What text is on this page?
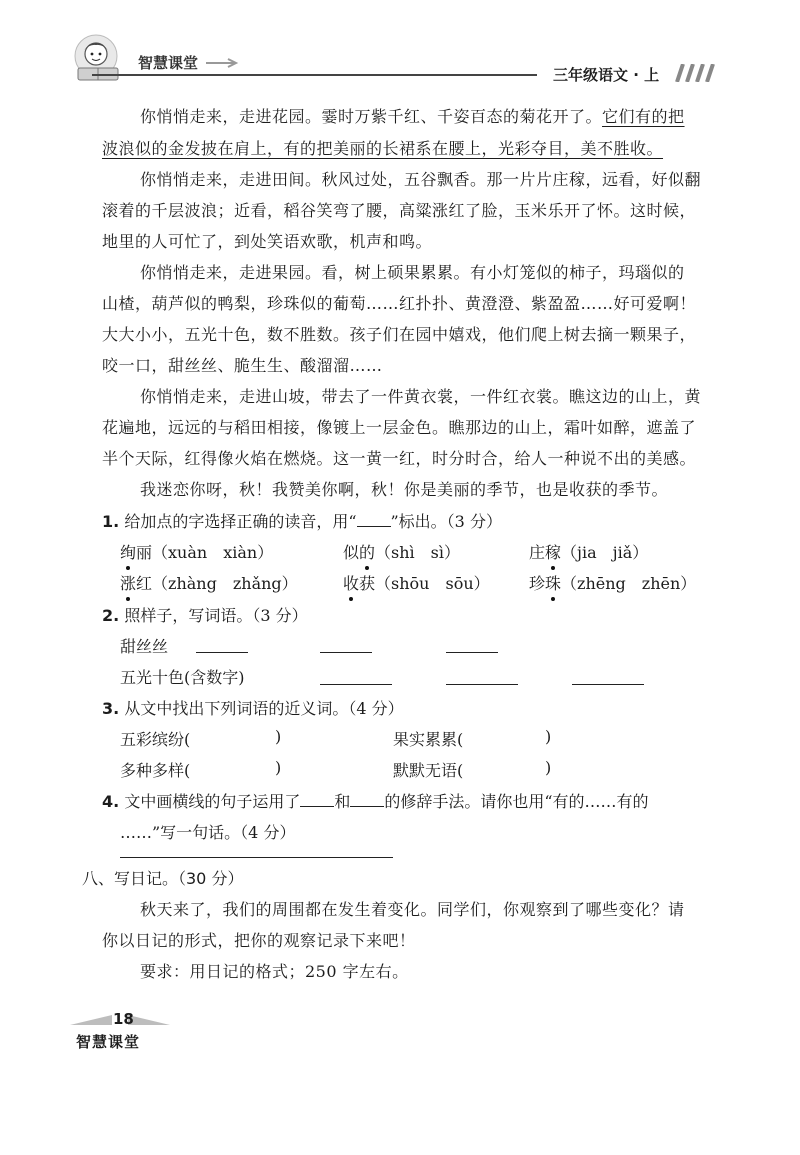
智慧课堂
三年级语文 · 上
你悄悄走来，走进花园。霎时万紫千红、千姿百态的菊花开了。它们有的把
波浪似的金发披在肩上，有的把美丽的长裙系在腰上，光彩夺目，美不胜收。
你悄悄走来，走进田间。秋风过处，五谷飘香。那一片片庄稼，远看，好似翻
滚着的千层波浪；近看，稻谷笑弯了腰，高粱涨红了脸，玉米乐开了怀。这时候，
地里的人可忙了，到处笑语欢歌，机声和鸣。
你悄悄走来，走进果园。看，树上硕果累累。有小灯笼似的柿子，玛瑙似的
山楂，葫芦似的鸭梨，珍珠似的葡萄……红扑扑、黄澄澄、紫盈盈……好可爱啊！
大大小小，五光十色，数不胜数。孩子们在园中嬉戏，他们爬上树去摘一颗果子，
咬一口，甜丝丝、脆生生、酸溜溜……
你悄悄走来，走进山坡，带去了一件黄衣裳，一件红衣裳。瞧这边的山上，黄
花遍地，远远的与稻田相接，像镀上一层金色。瞧那边的山上，霜叶如醉，遮盖了
半个天际，红得像火焰在燃烧。这一黄一红，时分时合，给人一种说不出的美感。
我迷恋你呀，秋！我赞美你啊，秋！你是美丽的季节，也是收获的季节。
1. 给加点的字选择正确的读音，用“ ”标出。（3 分）
绚丽（xuàn　xiàn）	似的（shì　sì）	庄稼（jia　jiǎ）
涨红（zhàng　zhǎng）	收获（shōu　sōu） 珍珠（zhēng　zhēn）
2. 照样子，写词语。（3 分）
甜丝丝
五光十色(含数字)
3. 从文中找出下列词语的近义词。（4 分）
五彩缤纷(	)	果实累累(	)
多种多样(	)	默默无语(	)
4. 文中画横线的句子运用了 和 的修辞手法。请你也用“有的……有的
……”写一句话。（4 分）
八、写日记。（30 分）
秋天来了，我们的周围都在发生着变化。同学们，你观察到了哪些变化？请
你以日记的形式，把你的观察记录下来吧！
要求：用日记的格式；250 字左右。
18
智慧课堂
